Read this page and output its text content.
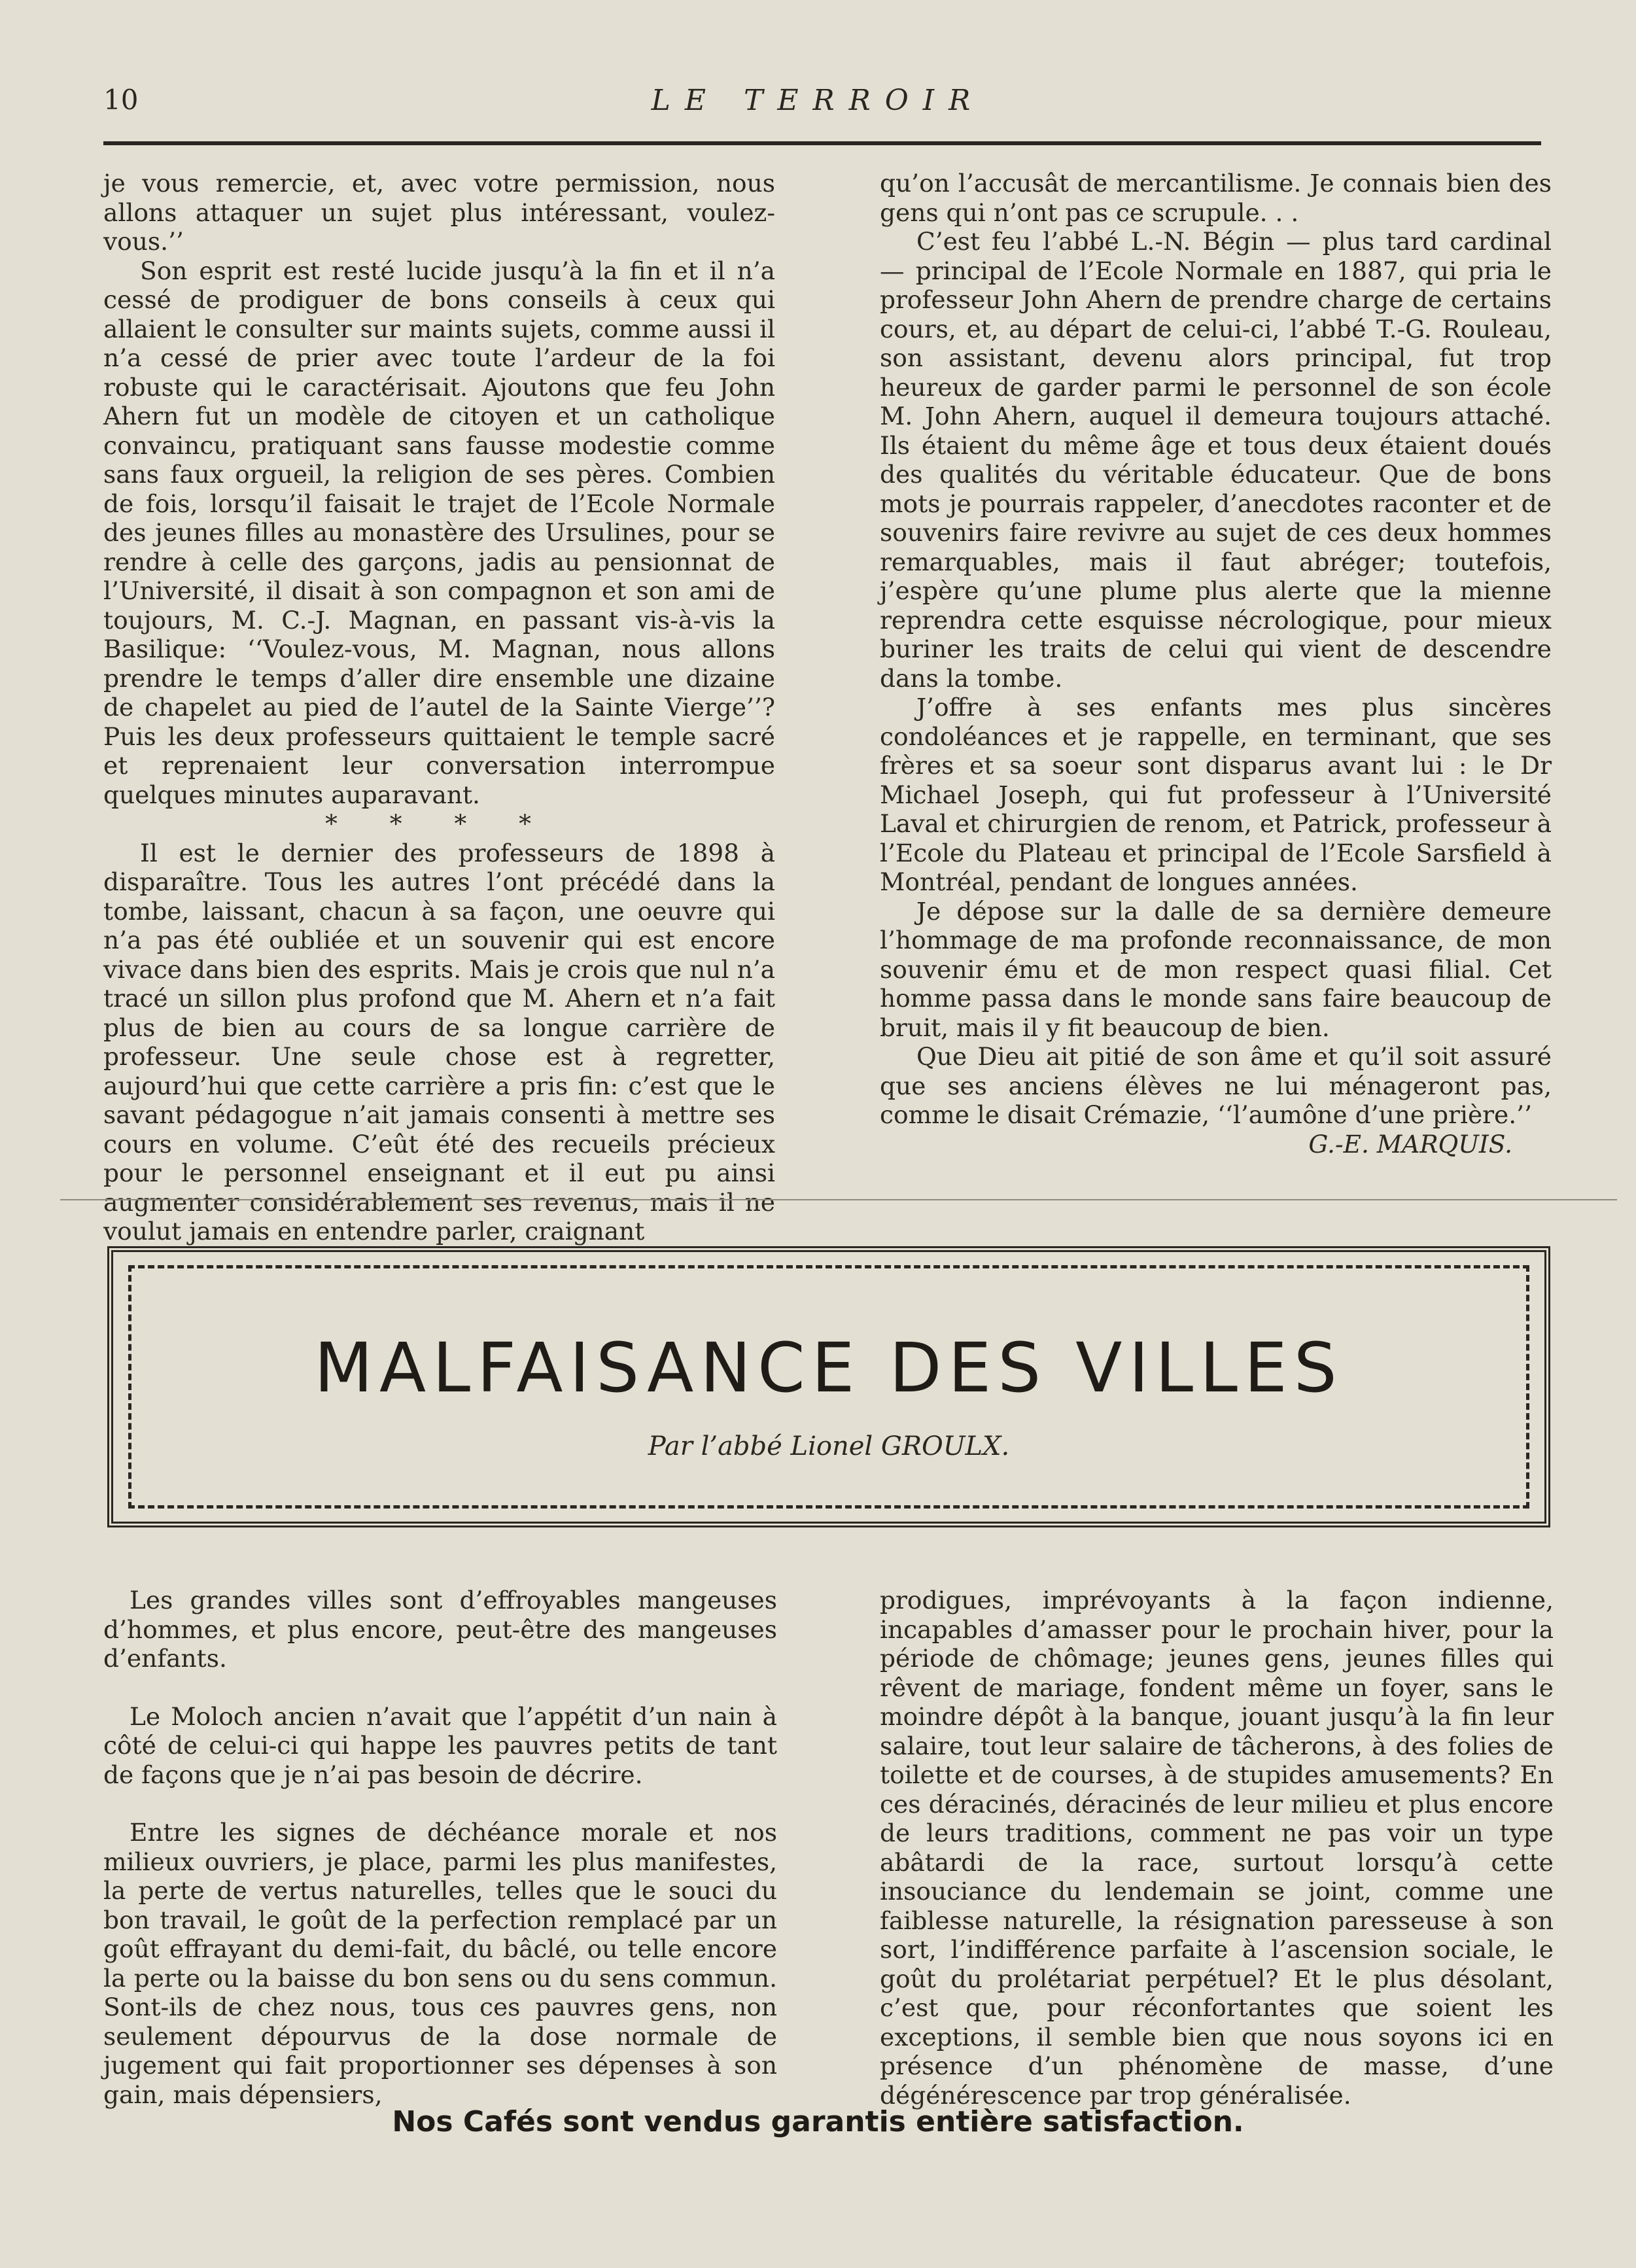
10	LE TERROIR

je vous remercie, et, avec votre permission, nous allons attaquer un sujet plus intéressant, voulez-vous.’’

Son esprit est resté lucide jusqu’à la fin et il n’a cessé de prodiguer de bons conseils à ceux qui allaient le consulter sur maints sujets, comme aussi il n’a cessé de prier avec toute l’ardeur de la foi robuste qui le caractérisait. Ajoutons que feu John Ahern fut un modèle de citoyen et un catholique convaincu, pratiquant sans fausse modestie comme sans faux orgueil, la religion de ses pères. Combien de fois, lorsqu’il faisait le trajet de l’Ecole Normale des jeunes filles au monastère des Ursulines, pour se rendre à celle des garçons, jadis au pensionnat de l’Université, il disait à son compagnon et son ami de toujours, M. C.-J. Magnan, en passant vis-à-vis la Basilique: ‘‘Voulez-vous, M. Magnan, nous allons prendre le temps d’aller dire ensemble une dizaine de chapelet au pied de l’autel de la Sainte Vierge’’? Puis les deux professeurs quittaient le temple sacré et reprenaient leur conversation interrompue quelques minutes auparavant.

* * * *

Il est le dernier des professeurs de 1898 à disparaître. Tous les autres l’ont précédé dans la tombe, laissant, chacun à sa façon, une oeuvre qui n’a pas été oubliée et un souvenir qui est encore vivace dans bien des esprits. Mais je crois que nul n’a tracé un sillon plus profond que M. Ahern et n’a fait plus de bien au cours de sa longue carrière de professeur. Une seule chose est à regretter, aujourd’hui que cette carrière a pris fin: c’est que le savant pédagogue n’ait jamais consenti à mettre ses cours en volume. C’eût été des recueils précieux pour le personnel enseignant et il eut pu ainsi augmenter considérablement ses revenus, mais il ne voulut jamais en entendre parler, craignant

qu’on l’accusât de mercantilisme. Je connais bien des gens qui n’ont pas ce scrupule. . .

C’est feu l’abbé L.-N. Bégin — plus tard cardinal — principal de l’Ecole Normale en 1887, qui pria le professeur John Ahern de prendre charge de certains cours, et, au départ de celui-ci, l’abbé T.-G. Rouleau, son assistant, devenu alors principal, fut trop heureux de garder parmi le personnel de son école M. John Ahern, auquel il demeura toujours attaché. Ils étaient du même âge et tous deux étaient doués des qualités du véritable éducateur. Que de bons mots je pourrais rappeler, d’anecdotes raconter et de souvenirs faire revivre au sujet de ces deux hommes remarquables, mais il faut abréger; toutefois, j’espère qu’une plume plus alerte que la mienne reprendra cette esquisse nécrologique, pour mieux buriner les traits de celui qui vient de descendre dans la tombe.

J’offre à ses enfants mes plus sincères condoléances et je rappelle, en terminant, que ses frères et sa soeur sont disparus avant lui : le Dr Michael Joseph, qui fut professeur à l’Université Laval et chirurgien de renom, et Patrick, professeur à l’Ecole du Plateau et principal de l’Ecole Sarsfield à Montréal, pendant de longues années.

Je dépose sur la dalle de sa dernière demeure l’hommage de ma profonde reconnaissance, de mon souvenir ému et de mon respect quasi filial. Cet homme passa dans le monde sans faire beaucoup de bruit, mais il y fit beaucoup de bien.

Que Dieu ait pitié de son âme et qu’il soit assuré que ses anciens élèves ne lui ménageront pas, comme le disait Crémazie, ‘‘l’aumône d’une prière.’’

G.-E. MARQUIS.

MALFAISANCE DES VILLES
Par l’abbé Lionel GROULX.

Les grandes villes sont d’effroyables mangeuses d’hommes, et plus encore, peut-être des mangeuses d’enfants.

Le Moloch ancien n’avait que l’appétit d’un nain à côté de celui-ci qui happe les pauvres petits de tant de façons que je n’ai pas besoin de décrire.

Entre les signes de déchéance morale et nos milieux ouvriers, je place, parmi les plus manifestes, la perte de vertus naturelles, telles que le souci du bon travail, le goût de la perfection remplacé par un goût effrayant du demi-fait, du bâclé, ou telle encore la perte ou la baisse du bon sens ou du sens commun. Sont-ils de chez nous, tous ces pauvres gens, non seulement dépourvus de la dose normale de jugement qui fait proportionner ses dépenses à son gain, mais dépensiers,

prodigues, imprévoyants à la façon indienne, incapables d’amasser pour le prochain hiver, pour la période de chômage; jeunes gens, jeunes filles qui rêvent de mariage, fondent même un foyer, sans le moindre dépôt à la banque, jouant jusqu’à la fin leur salaire, tout leur salaire de tâcherons, à des folies de toilette et de courses, à de stupides amusements? En ces déracinés, déracinés de leur milieu et plus encore de leurs traditions, comment ne pas voir un type abâtardi de la race, surtout lorsqu’à cette insouciance du lendemain se joint, comme une faiblesse naturelle, la résignation paresseuse à son sort, l’indifférence parfaite à l’ascension sociale, le goût du prolétariat perpétuel? Et le plus désolant, c’est que, pour réconfortantes que soient les exceptions, il semble bien que nous soyons ici en présence d’un phénomène de masse, d’une dégénérescence par trop généralisée.

Nos Cafés sont vendus garantis entière satisfaction.
